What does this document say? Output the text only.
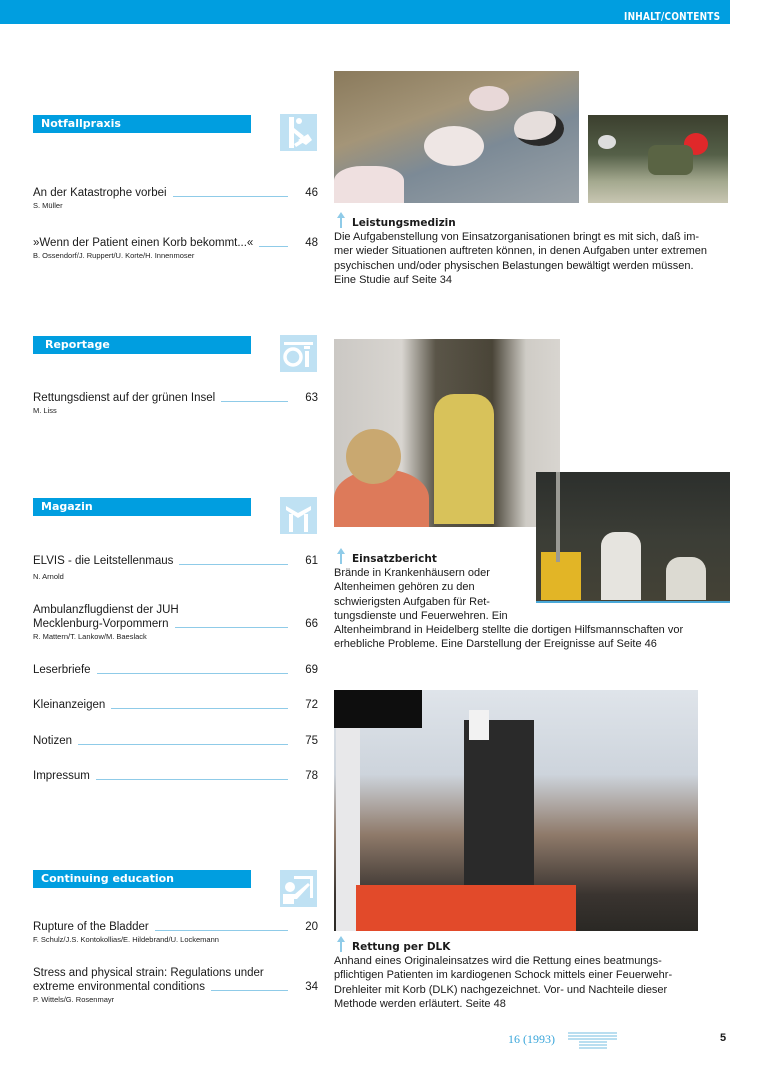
INHALT/CONTENTS
Notfallpraxis
An der Katastrophe vorbei	46
S. Müller
»Wenn der Patient einen Korb bekommt...«	48
B. Ossendorf/J. Ruppert/U. Korte/H. Innenmoser
Reportage
Rettungsdienst auf der grünen Insel	63
M. Liss
Magazin
ELVIS - die Leitstellenmaus	61
N. Arnold
Ambulanzflugdienst der JUH
Mecklenburg-Vorpommern	66
R. Mattern/T. Lankow/M. Baeslack
Leserbriefe	69
Kleinanzeigen	72
Notizen	75
Impressum	78
Continuing education
Rupture of the Bladder	20
F. Schulz/J.S. Kontokollias/E. Hildebrand/U. Lockemann
Stress and physical strain: Regulations under
extreme environmental conditions	34
P. Wittels/G. Rosenmayr
Leistungsmedizin
Die Aufgabenstellung von Einsatzorganisationen bringt es mit sich, daß im-
mer wieder Situationen auftreten können, in denen Aufgaben unter extremen
psychischen und/oder physischen Belastungen bewältigt werden müssen.
Eine Studie auf Seite 34
Einsatzbericht
Brände in Krankenhäusern oder
Altenheimen gehören zu den
schwierigsten Aufgaben für Ret-
tungsdienste und Feuerwehren. Ein
Altenheimbrand in Heidelberg stellte die dortigen Hilfsmannschaften vor
erhebliche Probleme. Eine Darstellung der Ereignisse auf Seite 46
Rettung per DLK
Anhand eines Originaleinsatzes wird die Rettung eines beatmungs-
pflichtigen Patienten im kardiogenen Schock mittels einer Feuerwehr-
Drehleiter mit Korb (DLK) nachgezeichnet. Vor- und Nachteile dieser
Methode werden erläutert. Seite 48
16 (1993)	5
